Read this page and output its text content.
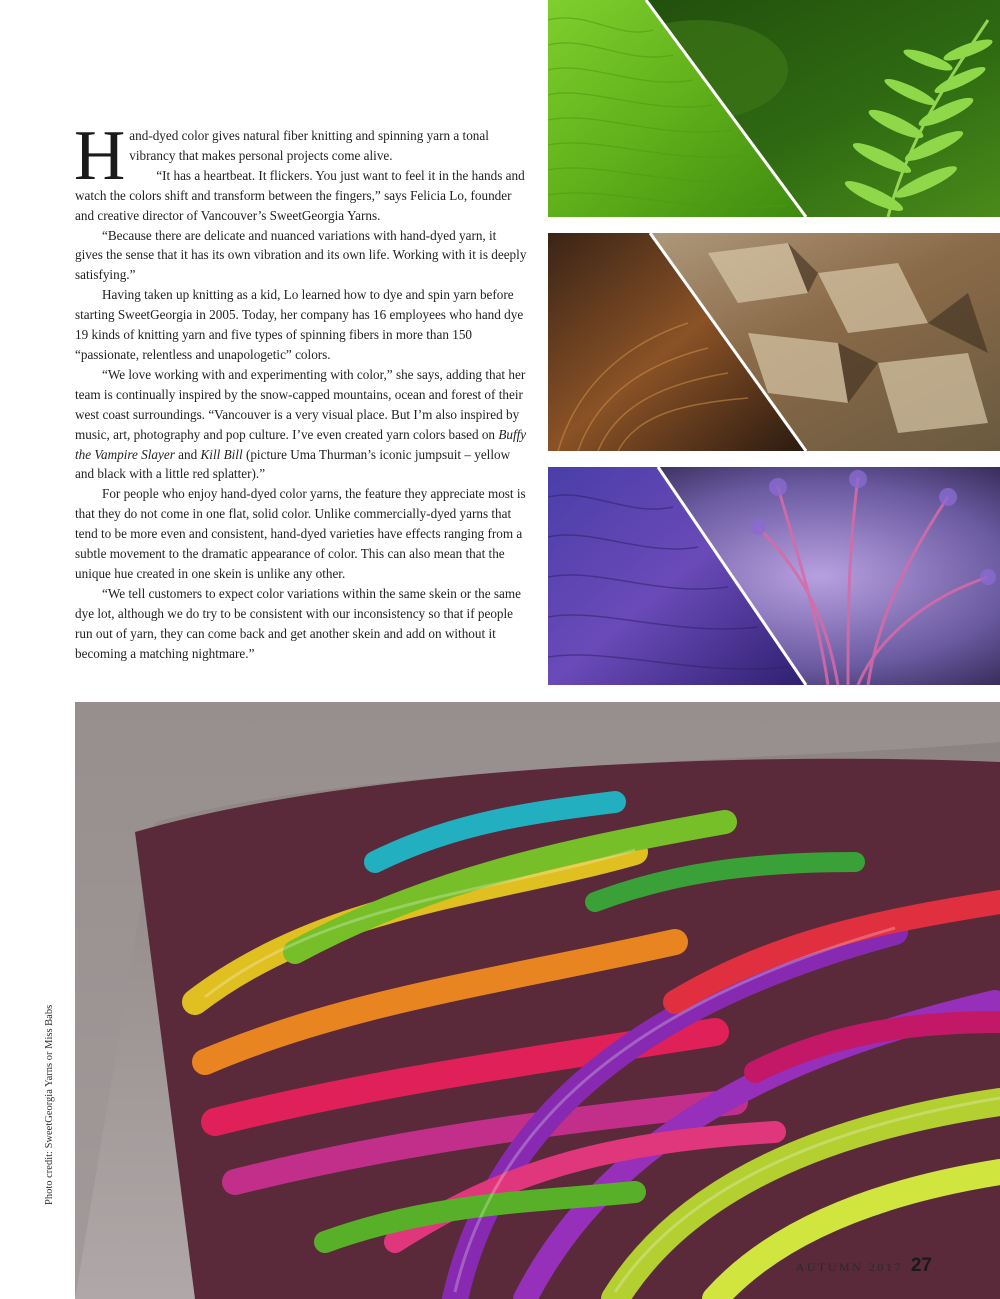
Hand-dyed color gives natural fiber knitting and spinning yarn a tonal vibrancy that makes personal projects come alive.

“It has a heartbeat. It flickers. You just want to feel it in the hands and watch the colors shift and transform between the fingers,” says Felicia Lo, founder and creative director of Vancouver’s SweetGeorgia Yarns.

“Because there are delicate and nuanced variations with hand-dyed yarn, it gives the sense that it has its own vibration and its own life. Working with it is deeply satisfying.”

Having taken up knitting as a kid, Lo learned how to dye and spin yarn before starting SweetGeorgia in 2005. Today, her company has 16 employees who hand dye 19 kinds of knitting yarn and five types of spinning fibers in more than 150 “passionate, relentless and unapologetic” colors.

“We love working with and experimenting with color,” she says, adding that her team is continually inspired by the snow-capped mountains, ocean and forest of their west coast surroundings. “Vancouver is a very visual place. But I’m also inspired by music, art, photography and pop culture. I’ve even created yarn colors based on Buffy the Vampire Slayer and Kill Bill (picture Uma Thurman’s iconic jumpsuit – yellow and black with a little red splatter).”

For people who enjoy hand-dyed color yarns, the feature they appreciate most is that they do not come in one flat, solid color. Unlike commercially-dyed yarns that tend to be more even and consistent, hand-dyed varieties have effects ranging from a subtle movement to the dramatic appearance of color. This can also mean that the unique hue created in one skein is unlike any other.

“We tell customers to expect color variations within the same skein or the same dye lot, although we do try to be consistent with our inconsistency so that if people run out of yarn, they can come back and get another skein and add on without it becoming a matching nightmare.”

Photo credit: SweetGeorgia Yarns or Miss Babs
AUTUMN 2017 27
